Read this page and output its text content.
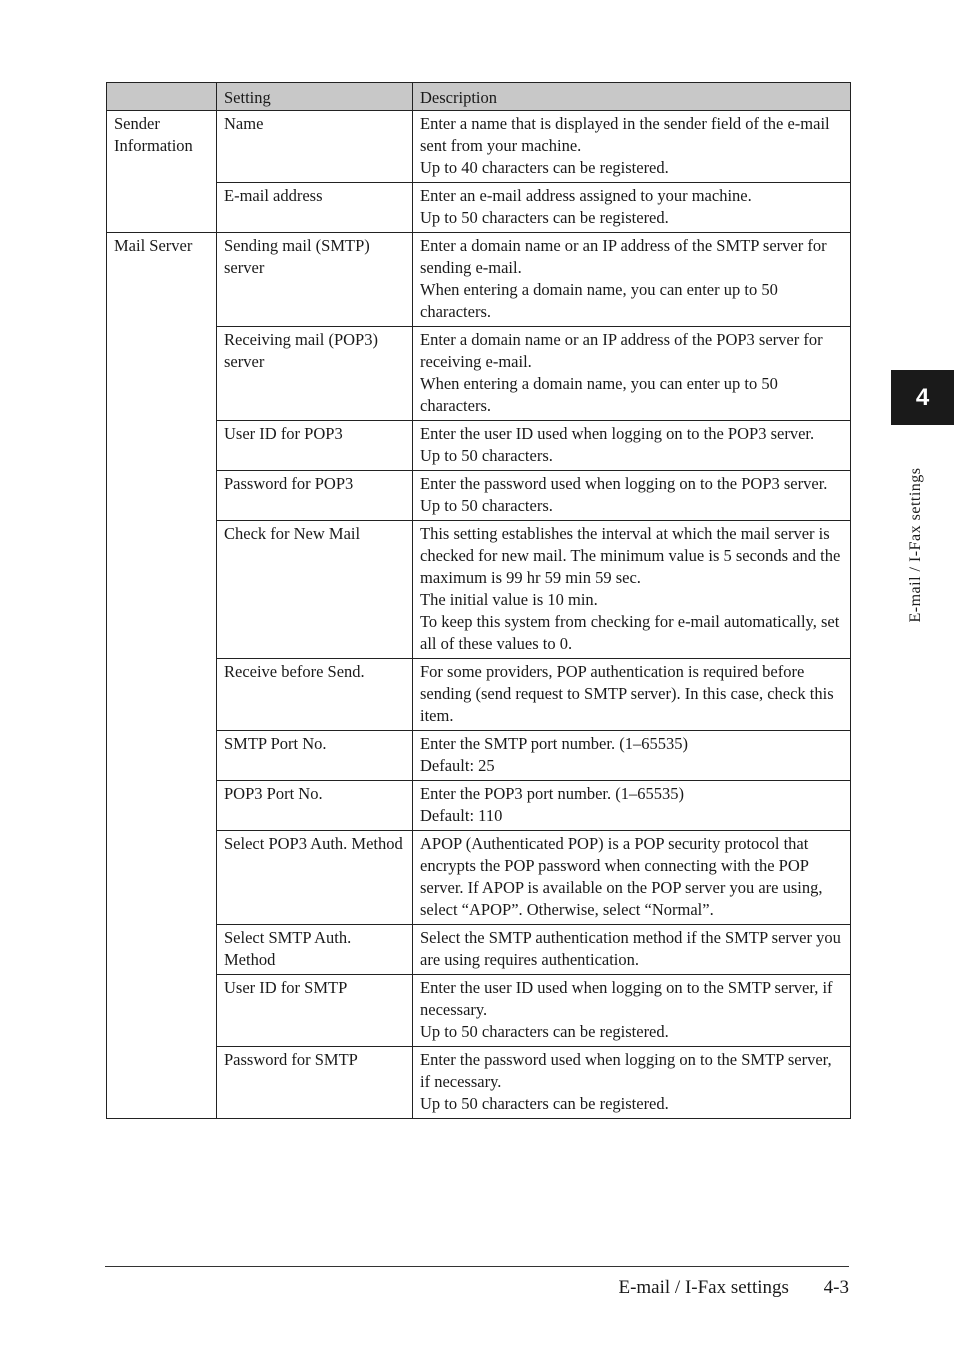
	Setting	Description
Sender Information	Name	Enter a name that is displayed in the sender field of the e-mail sent from your machine.
Up to 40 characters can be registered.

	E-mail address	Enter an e-mail address assigned to your machine.
Up to 50 characters can be registered.

Mail Server	Sending mail (SMTP) server	Enter a domain name or an IP address of the SMTP server for sending e-mail.
When entering a domain name, you can enter up to 50 characters.

	Receiving mail (POP3) server	Enter a domain name or an IP address of the POP3 server for receiving e-mail.
When entering a domain name, you can enter up to 50 characters.

	User ID for POP3	Enter the user ID used when logging on to the POP3 server.
Up to 50 characters.

	Password for POP3	Enter the password used when logging on to the POP3 server.
Up to 50 characters.

	Check for New Mail	This setting establishes the interval at which the mail server is checked for new mail. The minimum value is 5 seconds and the maximum is 99 hr 59 min 59 sec.
The initial value is 10 min.
To keep this system from checking for e-mail automatically, set all of these values to 0.

	Receive before Send.	For some providers, POP authentication is required before sending (send request to SMTP server). In this case, check this item.

	SMTP Port No.	Enter the SMTP port number. (1–65535)
Default: 25

	POP3 Port No.	Enter the POP3 port number. (1–65535)
Default: 110

	Select POP3 Auth. Method	APOP (Authenticated POP) is a POP security protocol that encrypts the POP password when connecting with the POP server. If APOP is available on the POP server you are using, select “APOP”. Otherwise, select “Normal”.

	Select SMTP Auth. Method	Select the SMTP authentication method if the SMTP server you are using requires authentication.

	User ID for SMTP	Enter the user ID used when logging on to the SMTP server, if necessary.
Up to 50 characters can be registered.

	Password for SMTP	Enter the password used when logging on to the SMTP server, if necessary.
Up to 50 characters can be registered.
4
E-mail / I-Fax settings
E-mail / I-Fax settings 4-3
